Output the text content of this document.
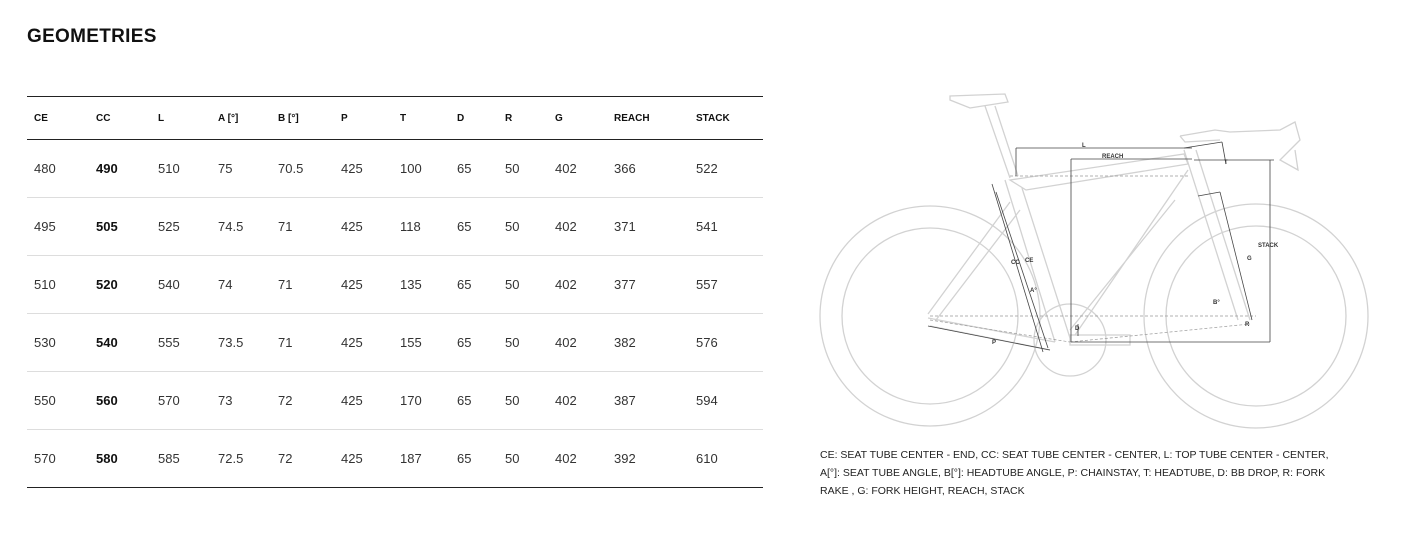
GEOMETRIES
CE	CC	L	A [°]	B [°]	P	T	D	R	G	REACH	STACK
480	490	510	75	70.5	425	100	65	50	402	366	522
495	505	525	74.5	71	425	118	65	50	402	371	541
510	520	540	74	71	425	135	65	50	402	377	557
530	540	555	73.5	71	425	155	65	50	402	382	576
550	560	570	73	72	425	170	65	50	402	387	594
570	580	585	72.5	72	425	187	65	50	402	392	610
L
REACH
T
STACK
G
CC CE
A°
B°
D
R
P

CE: SEAT TUBE CENTER - END, CC: SEAT TUBE CENTER - CENTER, L: TOP TUBE CENTER - CENTER, A[°]: SEAT TUBE ANGLE, B[°]: HEADTUBE ANGLE, P: CHAINSTAY, T: HEADTUBE, D: BB DROP, R: FORK RAKE , G: FORK HEIGHT, REACH, STACK
